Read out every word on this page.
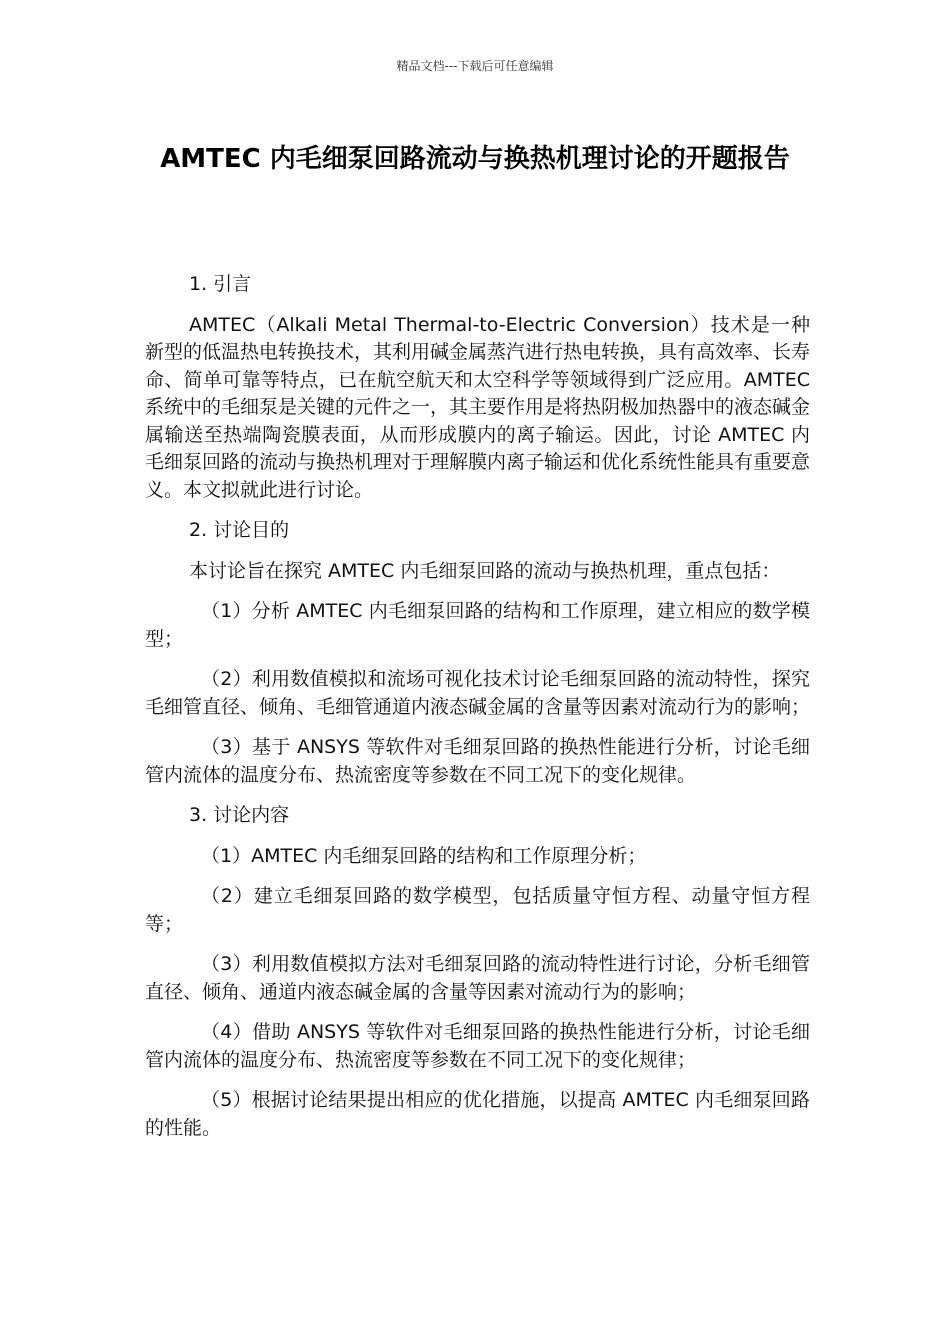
精品文档---下载后可任意编辑
AMTEC 内毛细泵回路流动与换热机理讨论的开题报告

1. 引言

AMTEC（Alkali Metal Thermal-to-Electric Conversion）技术是一种新型的低温热电转换技术，其利用碱金属蒸汽进行热电转换，具有高效率、长寿命、简单可靠等特点，已在航空航天和太空科学等领域得到广泛应用。AMTEC 系统中的毛细泵是关键的元件之一，其主要作用是将热阴极加热器中的液态碱金属输送至热端陶瓷膜表面，从而形成膜内的离子输运。因此，讨论 AMTEC 内毛细泵回路的流动与换热机理对于理解膜内离子输运和优化系统性能具有重要意义。本文拟就此进行讨论。

2. 讨论目的

本讨论旨在探究 AMTEC 内毛细泵回路的流动与换热机理，重点包括：

（1）分析 AMTEC 内毛细泵回路的结构和工作原理，建立相应的数学模型；

（2）利用数值模拟和流场可视化技术讨论毛细泵回路的流动特性，探究毛细管直径、倾角、毛细管通道内液态碱金属的含量等因素对流动行为的影响；

（3）基于 ANSYS 等软件对毛细泵回路的换热性能进行分析，讨论毛细管内流体的温度分布、热流密度等参数在不同工况下的变化规律。

3. 讨论内容

（1）AMTEC 内毛细泵回路的结构和工作原理分析；

（2）建立毛细泵回路的数学模型，包括质量守恒方程、动量守恒方程等；

（3）利用数值模拟方法对毛细泵回路的流动特性进行讨论，分析毛细管直径、倾角、通道内液态碱金属的含量等因素对流动行为的影响；

（4）借助 ANSYS 等软件对毛细泵回路的换热性能进行分析，讨论毛细管内流体的温度分布、热流密度等参数在不同工况下的变化规律；

（5）根据讨论结果提出相应的优化措施，以提高 AMTEC 内毛细泵回路的性能。
